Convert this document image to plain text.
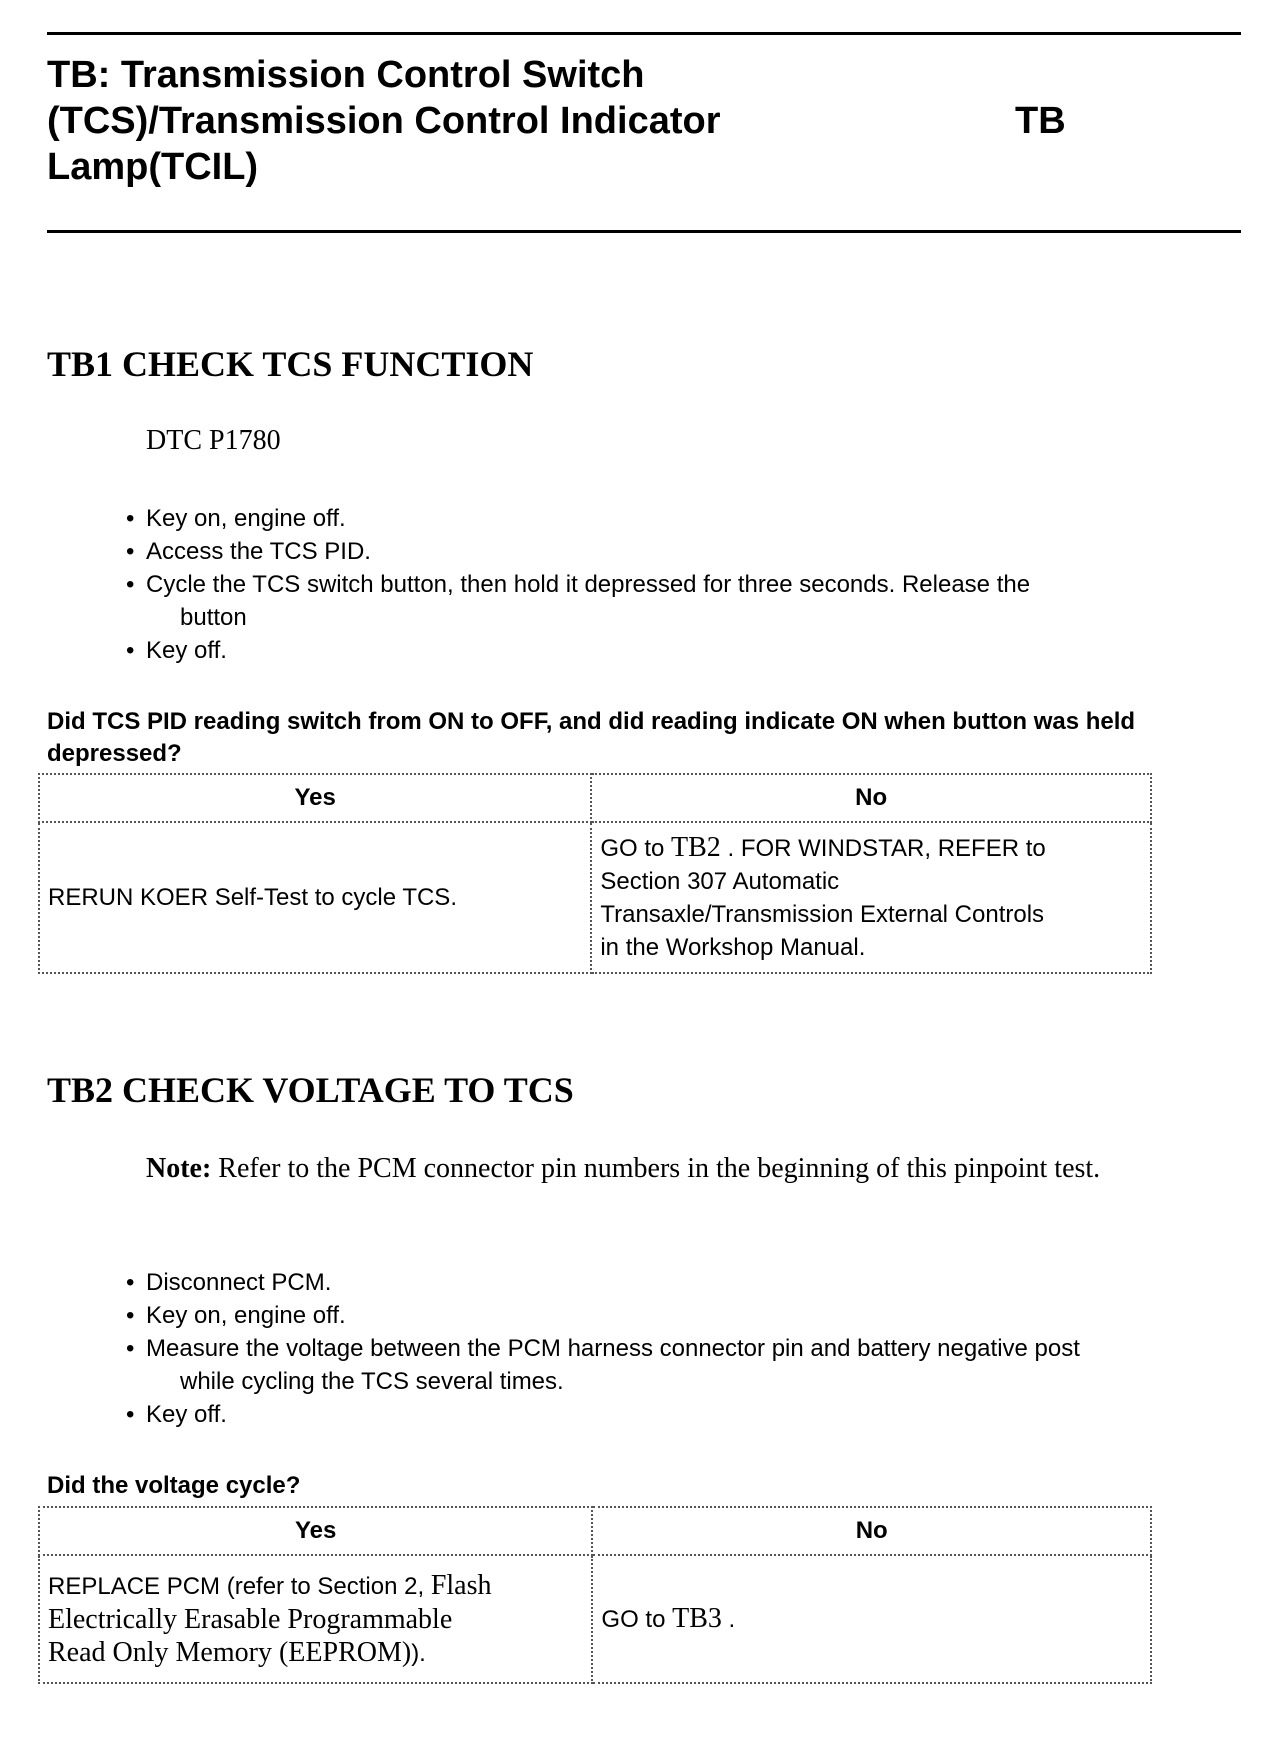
TB: Transmission Control Switch
(TCS)/Transmission Control Indicator
Lamp(TCIL)
TB
TB1 CHECK TCS FUNCTION
DTC P1780
• Key on, engine off.
• Access the TCS PID.
• Cycle the TCS switch button, then hold it depressed for three seconds. Release the
button
• Key off.
Did TCS PID reading switch from ON to OFF, and did reading indicate ON when button was held depressed?
Yes	No
RERUN KOER Self-Test to cycle TCS.	GO to TB2 . FOR WINDSTAR, REFER to
Section 307 Automatic
Transaxle/Transmission External Controls
in the Workshop Manual.
TB2 CHECK VOLTAGE TO TCS
Note: Refer to the PCM connector pin numbers in the beginning of this pinpoint test.
• Disconnect PCM.
• Key on, engine off.
• Measure the voltage between the PCM harness connector pin and battery negative post
while cycling the TCS several times.
• Key off.
Did the voltage cycle?
Yes	No

REPLACE PCM (refer to Section 2, Flash
Electrically Erasable Programmable
Read Only Memory (EEPROM)).	GO to TB3 .
